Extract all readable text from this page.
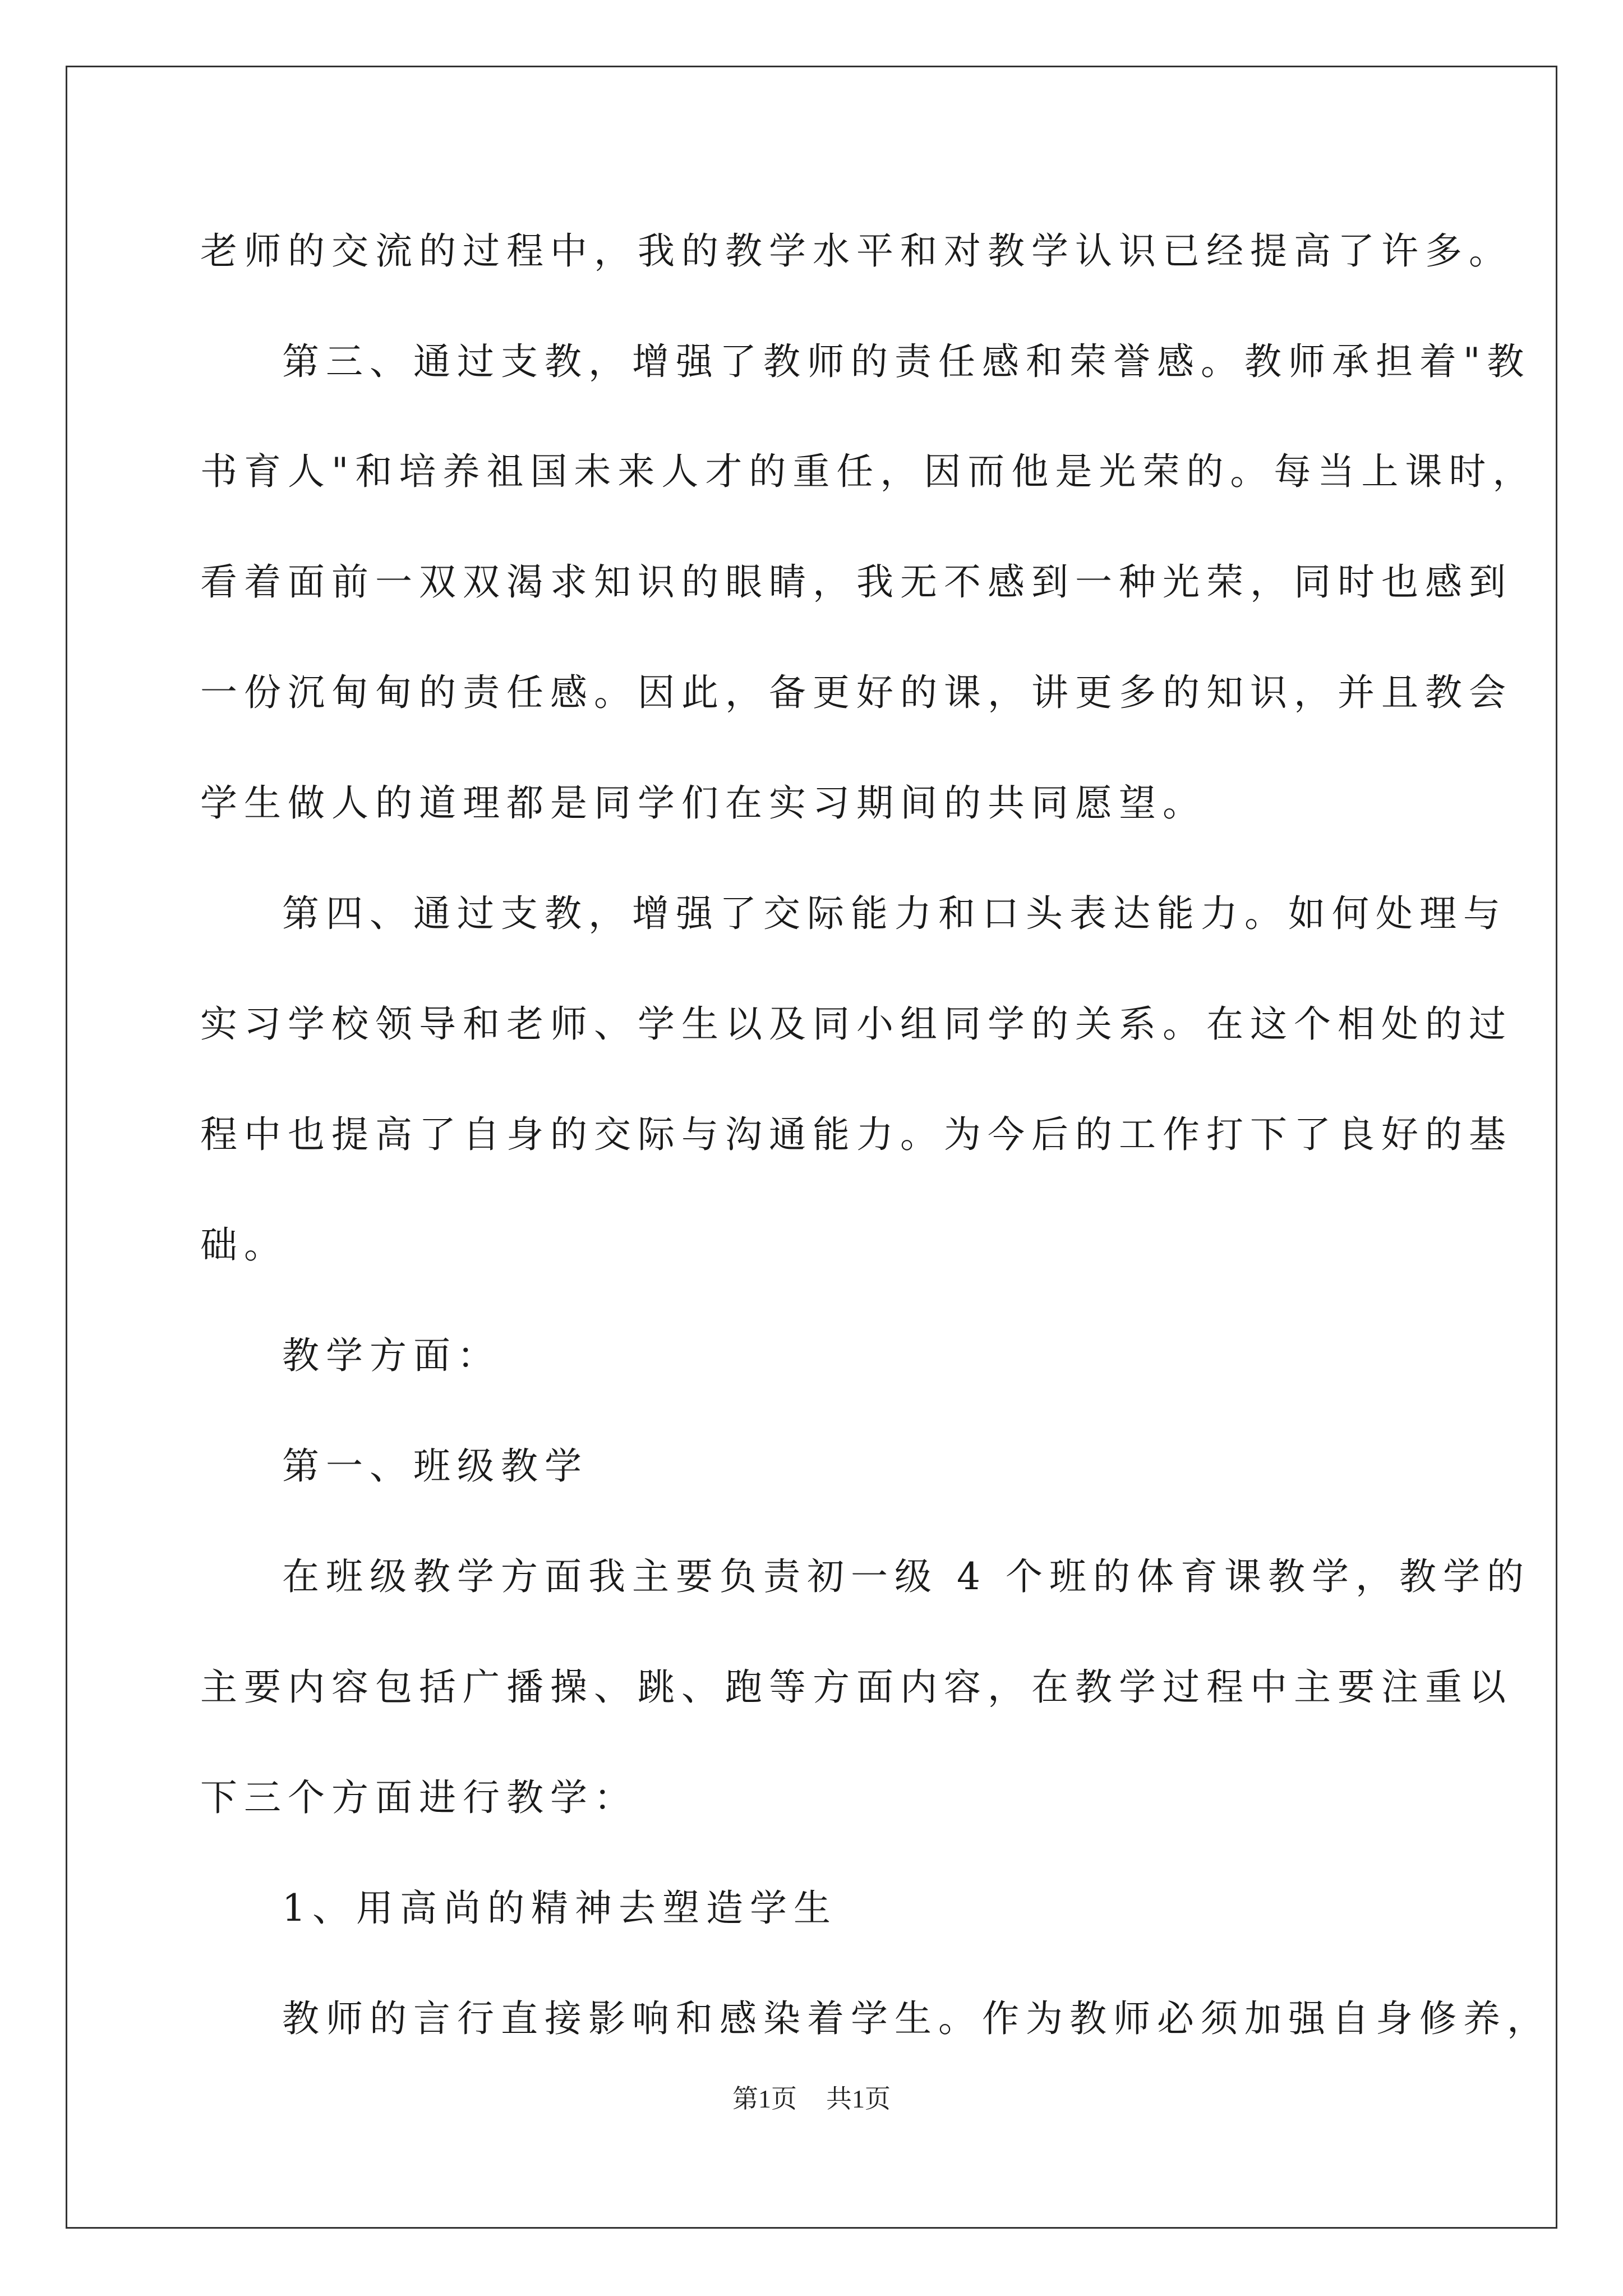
老师的交流的过程中，我的教学水平和对教学认识已经提高了许多。
第三、通过支教，增强了教师的责任感和荣誉感。教师承担着"教
书育人"和培养祖国未来人才的重任，因而他是光荣的。每当上课时，
看着面前一双双渴求知识的眼睛，我无不感到一种光荣，同时也感到
一份沉甸甸的责任感。因此，备更好的课，讲更多的知识，并且教会
学生做人的道理都是同学们在实习期间的共同愿望。
第四、通过支教，增强了交际能力和口头表达能力。如何处理与
实习学校领导和老师、学生以及同小组同学的关系。在这个相处的过
程中也提高了自身的交际与沟通能力。为今后的工作打下了良好的基
础。
教学方面：
第一、班级教学
在班级教学方面我主要负责初一级 4 个班的体育课教学，教学的
主要内容包括广播操、跳、跑等方面内容，在教学过程中主要注重以
下三个方面进行教学：
1、用高尚的精神去塑造学生
教师的言行直接影响和感染着学生。作为教师必须加强自身修养，
第1页 共1页
